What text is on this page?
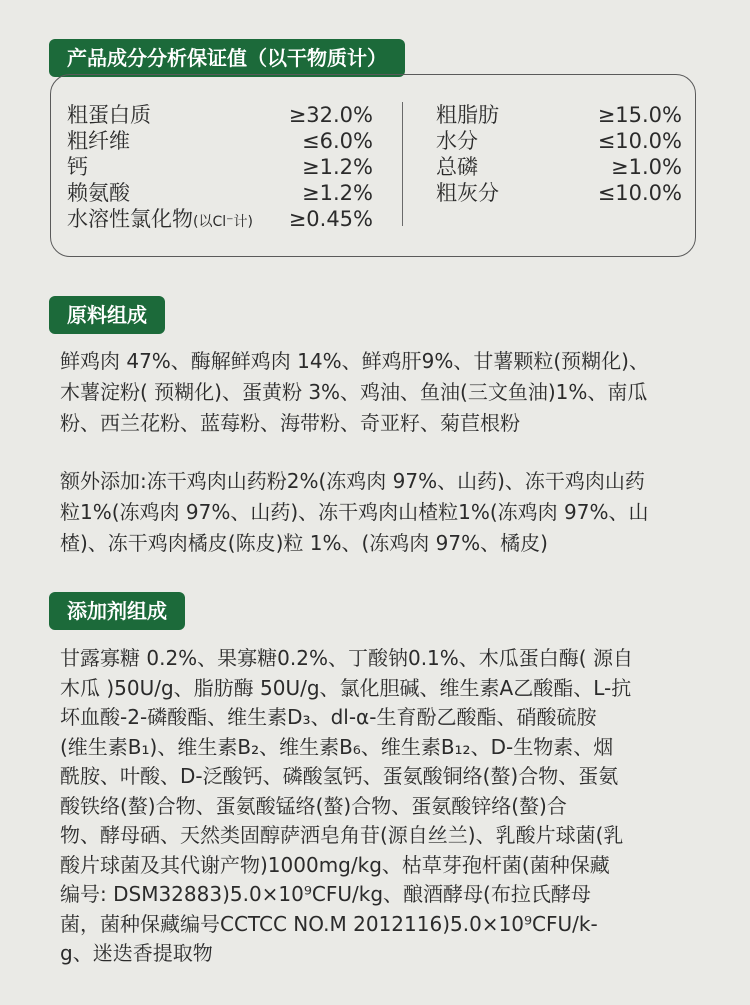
产品成分分析保证值（以干物质计）
粗蛋白质	≥32.0%
粗纤维	≤6.0%
钙	≥1.2%
赖氨酸	≥1.2%
水溶性氯化物(以Cl⁻计) ≥0.45%
粗脂肪	≥15.0%
水分	≤10.0%
总磷	≥1.0%
粗灰分	≤10.0%
原料组成
鲜鸡肉 47%、酶解鲜鸡肉 14%、鲜鸡肝9%、甘薯颗粒(预糊化)、
木薯淀粉( 预糊化)、蛋黄粉 3%、鸡油、鱼油(三文鱼油)1%、南瓜
粉、西兰花粉、蓝莓粉、海带粉、奇亚籽、菊苣根粉
额外添加:冻干鸡肉山药粉2%(冻鸡肉 97%、山药)、冻干鸡肉山药
粒1%(冻鸡肉 97%、山药)、冻干鸡肉山楂粒1%(冻鸡肉 97%、山
楂)、冻干鸡肉橘皮(陈皮)粒 1%、(冻鸡肉 97%、橘皮)
添加剂组成
甘露寡糖 0.2%、果寡糖0.2%、丁酸钠0.1%、木瓜蛋白酶( 源自
木瓜 )50U/g、脂肪酶 50U/g、氯化胆碱、维生素A乙酸酯、L-抗
坏血酸-2-磷酸酯、维生素D₃、dl-α-生育酚乙酸酯、硝酸硫胺
(维生素B₁)、维生素B₂、维生素B₆、维生素B₁₂、D-生物素、烟
酰胺、叶酸、D-泛酸钙、磷酸氢钙、蛋氨酸铜络(螯)合物、蛋氨
酸铁络(螯)合物、蛋氨酸锰络(螯)合物、蛋氨酸锌络(螯)合
物、酵母硒、天然类固醇萨洒皂角苷(源自丝兰)、乳酸片球菌(乳
酸片球菌及其代谢产物)1000mg/kg、枯草芽孢杆菌(菌种保藏
编号: DSM32883)5.0×10⁹CFU/kg、酿酒酵母(布拉氏酵母
菌，菌种保藏编号CCTCC NO.M 2012116)5.0×10⁹CFU/k-
g、迷迭香提取物
